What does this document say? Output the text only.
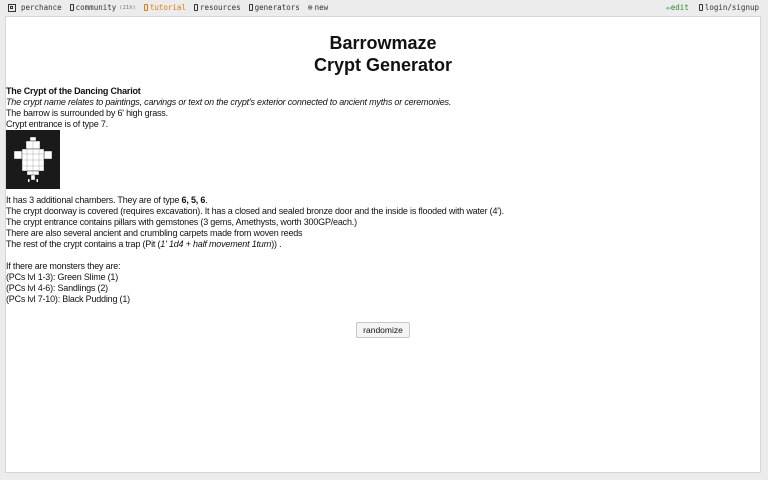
perchance community (21h) tutorial resources generators ⊕ new	✏ edit login/signup
Barrowmaze
Crypt Generator
The Crypt of the Dancing Chariot
The crypt name relates to paintings, carvings or text on the crypt's exterior connected to ancient myths or ceremonies.
The barrow is surrounded by 6' high grass.
Crypt entrance is of type 7.
It has 3 additional chambers. They are of type 6, 5, 6.
The crypt doorway is covered (requires excavation). It has a closed and sealed bronze door and the inside is flooded with water (4').
The crypt entrance contains pillars with gemstones (3 gems, Amethysts, worth 300GP/each.)
There are also several ancient and crumbling carpets made from woven reeds
The rest of the crypt contains a trap (Pit (1' 1d4 + half movement 1turn)) .
If there are monsters they are:
(PCs lvl 1-3): Green Slime (1)
(PCs lvl 4-6): Sandlings (2)
(PCs lvl 7-10): Black Pudding (1)
randomize
